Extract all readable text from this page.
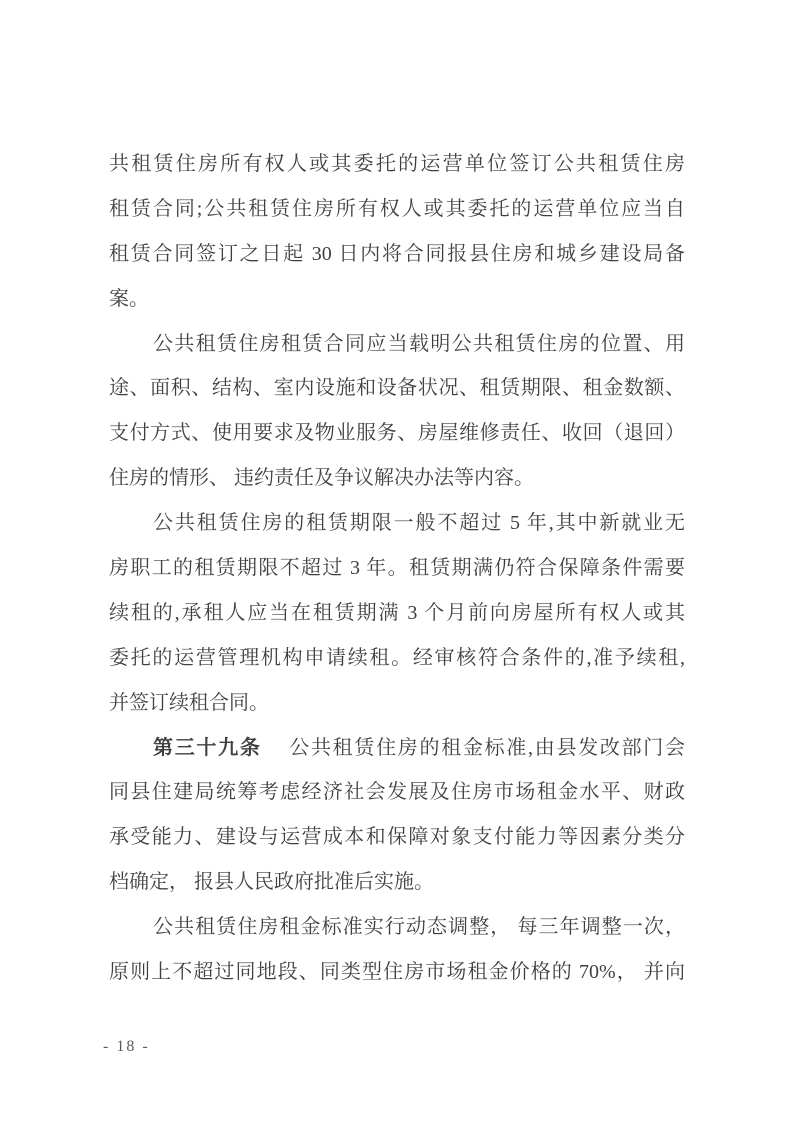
共租赁住房所有权人或其委托的运营单位签订公共租赁住房
租赁合同;公共租赁住房所有权人或其委托的运营单位应当自
租赁合同签订之日起 30 日内将合同报县住房和城乡建设局备
案。
公共租赁住房租赁合同应当载明公共租赁住房的位置、用
途、面积、结构、室内设施和设备状况、租赁期限、租金数额、
支付方式、使用要求及物业服务、房屋维修责任、收回（退回）
住房的情形、 违约责任及争议解决办法等内容。
公共租赁住房的租赁期限一般不超过 5 年,其中新就业无
房职工的租赁期限不超过 3 年。租赁期满仍符合保障条件需要
续租的,承租人应当在租赁期满 3 个月前向房屋所有权人或其
委托的运营管理机构申请续租。经审核符合条件的,准予续租,
并签订续租合同。
第三十九条 公共租赁住房的租金标准,由县发改部门会
同县住建局统筹考虑经济社会发展及住房市场租金水平、财政
承受能力、建设与运营成本和保障对象支付能力等因素分类分
档确定， 报县人民政府批准后实施。
公共租赁住房租金标准实行动态调整， 每三年调整一次，
原则上不超过同地段、同类型住房市场租金价格的 70%， 并向
- 18 -
